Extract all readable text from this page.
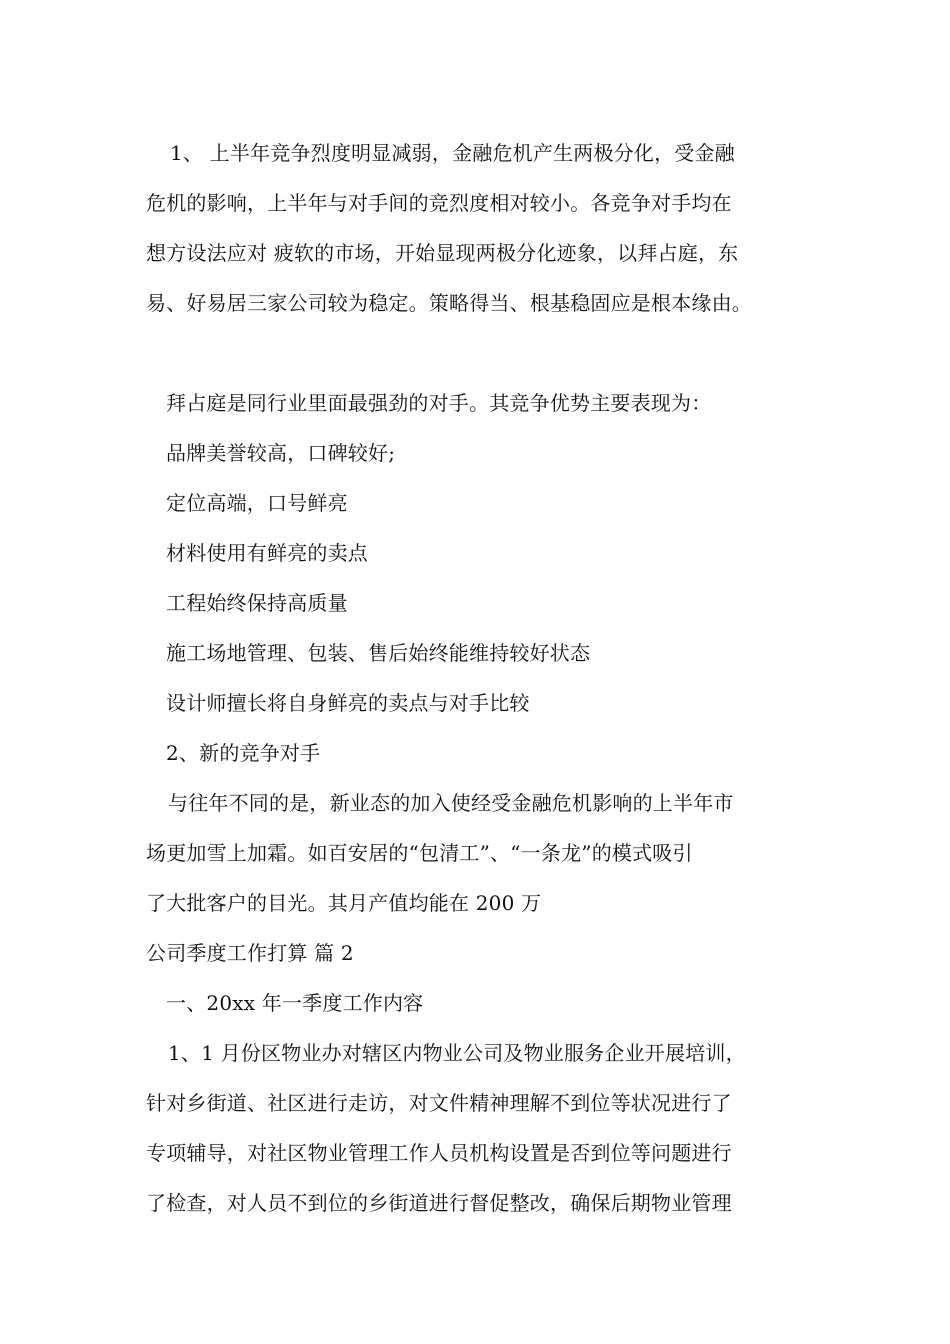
1、 上半年竞争烈度明显减弱，金融危机产生两极分化，受金融
危机的影响，上半年与对手间的竞烈度相对较小。各竞争对手均在
想方设法应对 疲软的市场，开始显现两极分化迹象，以拜占庭，东
易、好易居三家公司较为稳定。策略得当、根基稳固应是根本缘由。
拜占庭是同行业里面最强劲的对手。其竞争优势主要表现为：
品牌美誉较高，口碑较好;
定位高端，口号鲜亮
材料使用有鲜亮的卖点
工程始终保持高质量
施工场地管理、包装、售后始终能维持较好状态
设计师擅长将自身鲜亮的卖点与对手比较
2、新的竞争对手
与往年不同的是，新业态的加入使经受金融危机影响的上半年市
场更加雪上加霜。如百安居的“包清工”、“一条龙”的模式吸引
了大批客户的目光。其月产值均能在 200 万
公司季度工作打算 篇 2
一、20xx 年一季度工作内容
1、1 月份区物业办对辖区内物业公司及物业服务企业开展培训，
针对乡街道、社区进行走访，对文件精神理解不到位等状况进行了
专项辅导，对社区物业管理工作人员机构设置是否到位等问题进行
了检查，对人员不到位的乡街道进行督促整改，确保后期物业管理
